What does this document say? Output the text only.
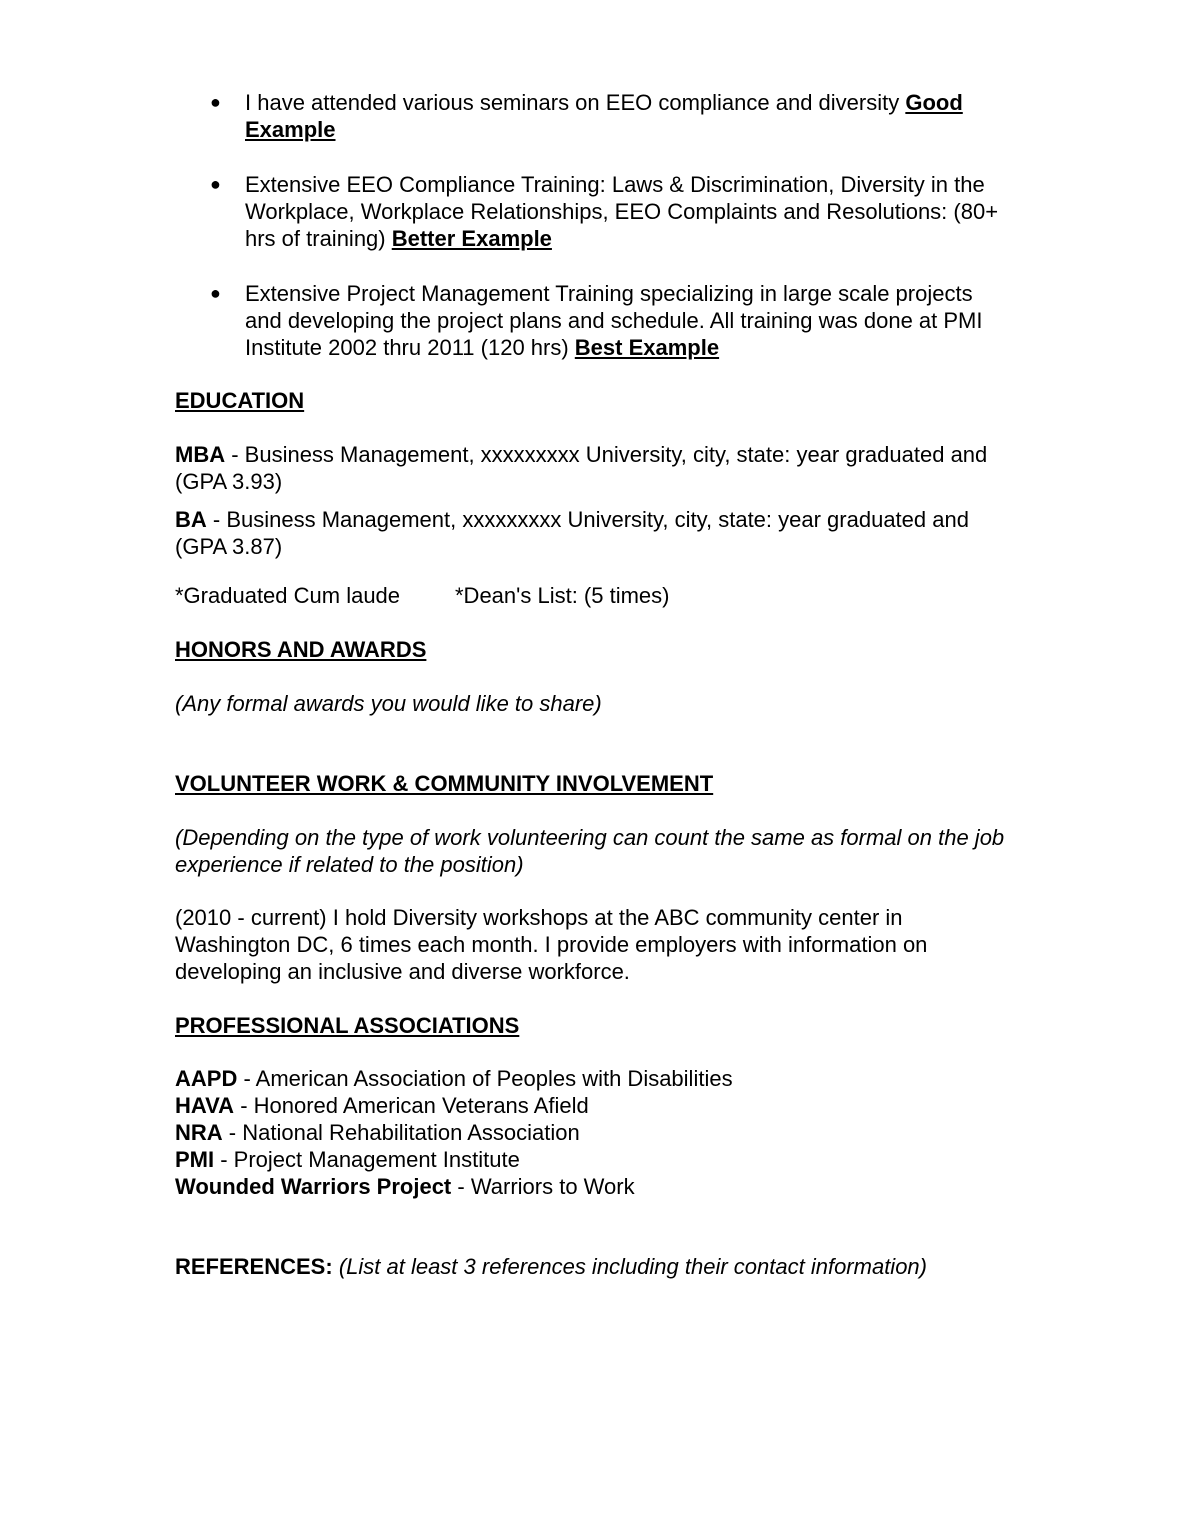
● I have attended various seminars on EEO compliance and diversity Good Example
● Extensive EEO Compliance Training: Laws & Discrimination, Diversity in the Workplace, Workplace Relationships, EEO Complaints and Resolutions: (80+ hrs of training) Better Example
● Extensive Project Management Training specializing in large scale projects and developing the project plans and schedule. All training was done at PMI Institute 2002 thru 2011 (120 hrs) Best Example
EDUCATION

MBA - Business Management, xxxxxxxxx University, city, state: year graduated and (GPA 3.93)

BA - Business Management, xxxxxxxxx University, city, state: year graduated and (GPA 3.87)

*Graduated Cum laude *Dean's List: (5 times)
HONORS AND AWARDS
(Any formal awards you would like to share)
VOLUNTEER WORK & COMMUNITY INVOLVEMENT

(Depending on the type of work volunteering can count the same as formal on the job experience if related to the position)

(2010 - current) I hold Diversity workshops at the ABC community center in Washington DC, 6 times each month. I provide employers with information on developing an inclusive and diverse workforce.

PROFESSIONAL ASSOCIATIONS
AAPD - American Association of Peoples with Disabilities
HAVA - Honored American Veterans Afield
NRA - National Rehabilitation Association
PMI - Project Management Institute
Wounded Warriors Project - Warriors to Work
REFERENCES: (List at least 3 references including their contact information)
